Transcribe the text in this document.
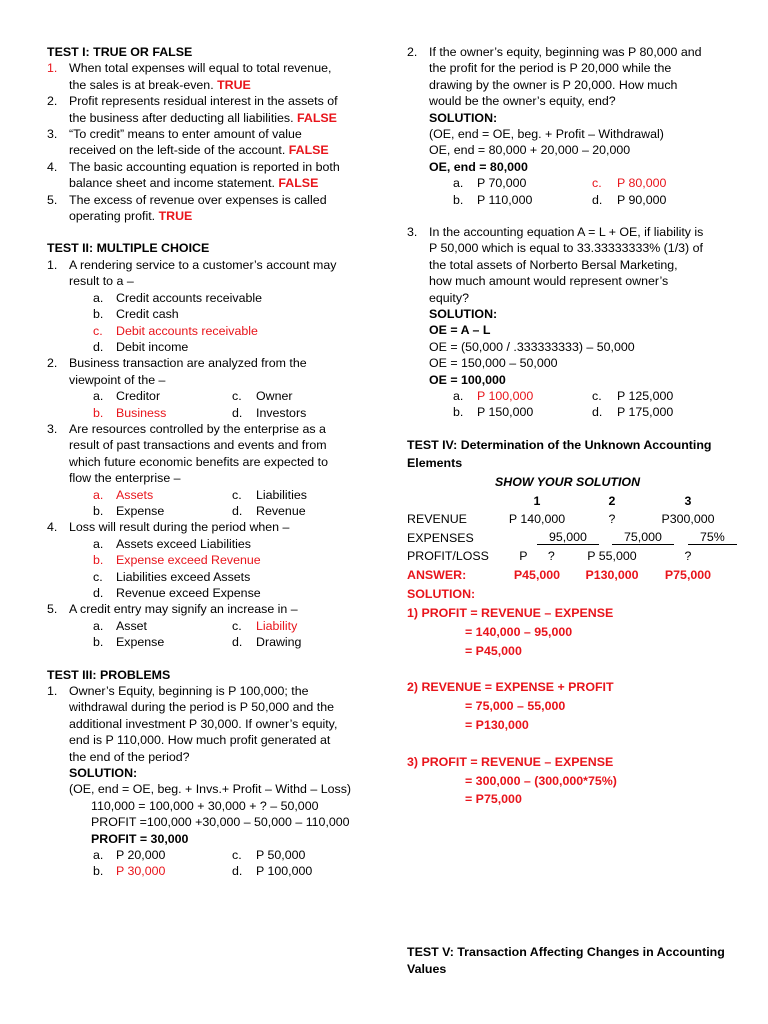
TEST I: TRUE OR FALSE
1. When total expenses will equal to total revenue,
the sales is at break-even. TRUE
2. Profit represents residual interest in the assets of
the business after deducting all liabilities. FALSE
3. “To credit” means to enter amount of value
received on the left-side of the account. FALSE
4. The basic accounting equation is reported in both
balance sheet and income statement. FALSE
5. The excess of revenue over expenses is called
operating profit. TRUE
TEST II: MULTIPLE CHOICE
1. A rendering service to a customer’s account may
result to a –
a. Credit accounts receivable
b. Credit cash
c. Debit accounts receivable
d. Debit income
2. Business transaction are analyzed from the
viewpoint of the –
a. Creditor	c. Owner
b. Business	d. Investors
3. Are resources controlled by the enterprise as a
result of past transactions and events and from
which future economic benefits are expected to
flow the enterprise –
a. Assets	c. Liabilities
b. Expense	d. Revenue
4. Loss will result during the period when –
a. Assets exceed Liabilities
b. Expense exceed Revenue
c. Liabilities exceed Assets
d. Revenue exceed Expense
5. A credit entry may signify an increase in –
a. Asset	c. Liability
b. Expense	d. Drawing
TEST III: PROBLEMS
1. Owner’s Equity, beginning is P 100,000; the
withdrawal during the period is P 50,000 and the
additional investment P 30,000. If owner’s equity,
end is P 110,000. How much profit generated at
the end of the period?
SOLUTION:
(OE, end = OE, beg. + Invs.+ Profit – Withd – Loss)
110,000 = 100,000 + 30,000 + ? – 50,000
PROFIT =100,000 +30,000 – 50,000 – 110,000
PROFIT = 30,000
a. P 20,000	c. P 50,000
b. P 30,000	d. P 100,000
2. If the owner’s equity, beginning was P 80,000 and
the profit for the period is P 20,000 while the
drawing by the owner is P 20,000. How much
would be the owner’s equity, end?
SOLUTION:
(OE, end = OE, beg. + Profit – Withdrawal)
OE, end = 80,000 + 20,000 – 20,000
OE, end = 80,000
a. P 70,000	c. P 80,000
b. P 110,000	d. P 90,000
3. In the accounting equation A = L + OE, if liability is
P 50,000 which is equal to 33.33333333% (1/3) of
the total assets of Norberto Bersal Marketing,
how much amount would represent owner’s
equity?
SOLUTION:
OE = A – L
OE = (50,000 / .333333333) – 50,000
OE = 150,000 – 50,000
OE = 100,000
a. P 100,000	c. P 125,000
b. P 150,000	d. P 175,000
TEST IV: Determination of the Unknown Accounting
Elements
SHOW YOUR SOLUTION
1	2	3
REVENUE	P 140,000	?	P300,000
EXPENSES	95,000	75,000	75%
PROFIT/LOSS	P      ?	P 55,000	?
ANSWER:	P45,000	P130,000	P75,000
SOLUTION:
1) PROFIT = REVENUE – EXPENSE
= 140,000 – 95,000
= P45,000
2) REVENUE = EXPENSE + PROFIT
= 75,000 – 55,000
= P130,000
3) PROFIT = REVENUE – EXPENSE
= 300,000 – (300,000*75%)
= P75,000
TEST V: Transaction Affecting Changes in Accounting
Values
